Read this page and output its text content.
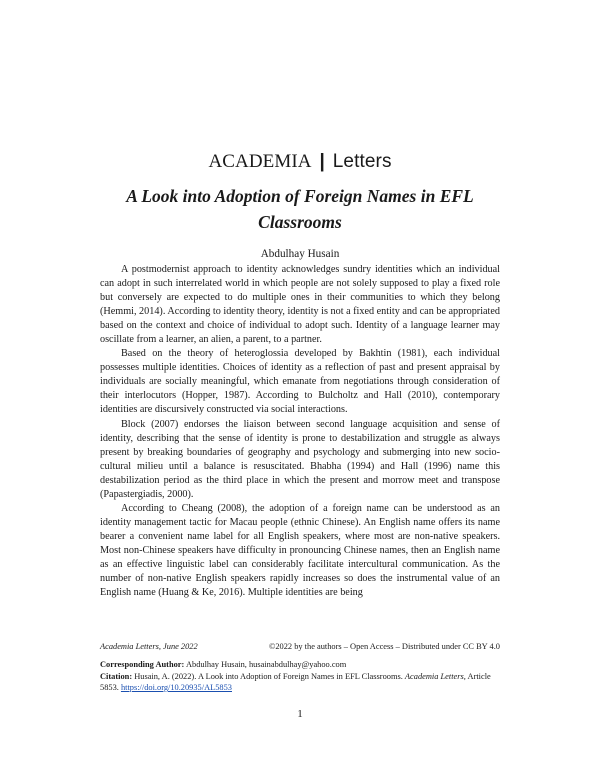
ACADEMIA | Letters
A Look into Adoption of Foreign Names in EFL Classrooms
Abdulhay Husain

A postmodernist approach to identity acknowledges sundry identities which an individual can adopt in such interrelated world in which people are not solely supposed to play a fixed role but conversely are expected to do multiple ones in their communities to which they belong (Hemmi, 2014). According to identity theory, identity is not a fixed entity and can be appropriated based on the context and choice of individual to adopt such. Identity of a language learner may oscillate from a learner, an alien, a parent, to a partner.

Based on the theory of heteroglossia developed by Bakhtin (1981), each individual possesses multiple identities. Choices of identity as a reflection of past and present appraisal by individuals are socially meaningful, which emanate from negotiations through consideration of their interlocutors (Hopper, 1987). According to Bulcholtz and Hall (2010), contemporary identities are discursively constructed via social interactions.

Block (2007) endorses the liaison between second language acquisition and sense of identity, describing that the sense of identity is prone to destabilization and struggle as always present by breaking boundaries of geography and psychology and submerging into new socio-cultural milieu until a balance is resuscitated. Bhabha (1994) and Hall (1996) name this destabilization period as the third place in which the present and morrow meet and transpose (Papastergiadis, 2000).

According to Cheang (2008), the adoption of a foreign name can be understood as an identity management tactic for Macau people (ethnic Chinese). An English name offers its name bearer a convenient name label for all English speakers, where most are non-native speakers. Most non-Chinese speakers have difficulty in pronouncing Chinese names, then an English name as an effective linguistic label can considerably facilitate intercultural communication. As the number of non-native English speakers rapidly increases so does the instrumental value of an English name (Huang & Ke, 2016). Multiple identities are being

Academia Letters, June 2022	©2022 by the authors – Open Access – Distributed under CC BY 4.0
Corresponding Author: Abdulhay Husain, husainabdulhay@yahoo.com
Citation: Husain, A. (2022). A Look into Adoption of Foreign Names in EFL Classrooms. Academia Letters, Article 5853. https://doi.org/10.20935/AL5853
1
